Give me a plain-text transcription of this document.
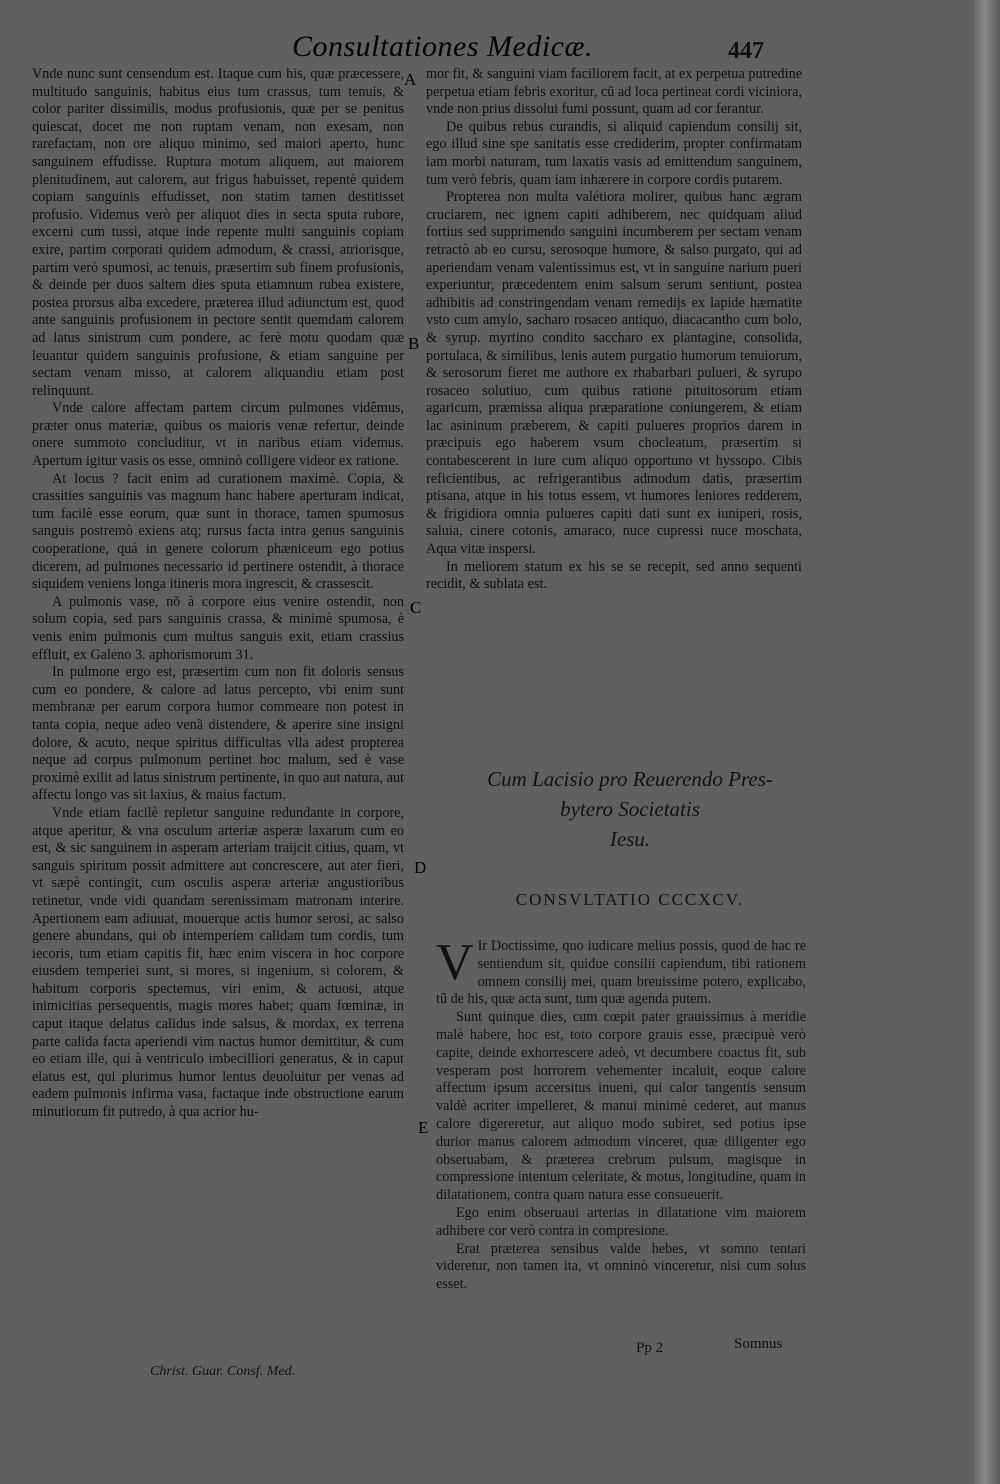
Consultationes Medicæ.	447

Vnde nunc sunt censendum est. Itaque cum his, quæ præcessere, multitudo sanguinis, habitus eius tum crassus, tum tenuis, & color pariter dissimilis, modus profusionis, quæ per se penitus quiescat, docet me non ruptam venam, non exesam, non rarefactam, non ore aliquo minimo, sed maiori aperto, hunc sanguinem effudisse. Ruptura motum aliquem, aut maiorem plenitudinem, aut calorem, aut frigus habuisset, repentè quidem copiam sanguinis effudisset, non statim tamen destitisset profusio. Videmus verò per aliquot dies in secta sputa rubore, excerni cum tussi, atque inde repente multi sanguinis copiam exire, partim corporati quidem admodum, & crassi, atriorisque, partim verò spumosi, ac tenuis, præsertim sub finem profusionis, & deinde per duos saltem dies sputa etiamnum rubea existere, postea prorsus alba excedere, præterea illud adiunctum est, quod ante sanguinis profusionem in pectore sentit quemdam calorem ad latus sinistrum cum pondere, ac ferè motu quodam quæ leuantur quidem sanguinis profusione, & etiam sanguine per sectam venam misso, at calorem aliquandiu etiam post relinquunt.

Vnde calore affectam partem circum pulmones vidêmus, præter onus materiæ, quibus os maioris venæ refertur, deinde onere summoto concluditur, vt in naribus etiam videmus. Apertum igitur vasis os esse, omninò colligere videor ex ratione.

At locus ? facit enim ad curationem maximè. Copia, & crassities sanguinis vas magnum hanc habere aperturam indicat, tum facilè esse eorum, quæ sunt in thorace, tamen spumosus sanguis postremò exiens atq; rursus facta intra genus sanguinis cooperatione, quá in genere colorum phæniceum ego potius dicerem, ad pulmones necessario id pertinere ostendit, à thorace siquidem veniens longa itineris mora ingrescit, & crassescit.

A pulmonis vase, nõ à corpore eius venire ostendit, non solum copia, sed pars sanguinis crassa, & minimè spumosa, è venis enim pulmonis cum multus sanguis exit, etiam crassius effluit, ex Galeno 3. aphorismorum 31.

In pulmone ergo est, præsertim cum non fit doloris sensus cum eo pondere, & calore ad latus percepto, vbi enim sunt membranæ per earum corpora humor commeare non potest in tanta copia, neque adeo venã distendere, & aperire sine insigni dolore, & acuto, neque spiritus difficultas vlla adest propterea neque ad corpus pulmonum pertinet hoc malum, sed è vase proximè exilit ad latus sinistrum pertinente, in quo aut natura, aut affectu longo vas sit laxius, & maius factum.

Vnde etiam facilè repletur sanguine redundante in corpore, atque aperitur, & vna osculum arteriæ asperæ laxarum cum eo est, & sic sanguinem in asperam arteriam traijcit citius, quam, vt sanguis spiritum possit admittere aut concrescere, aut ater fieri, vt sæpè contingit, cum osculis asperæ arteriæ angustioribus retinetur, vnde vidi quandam serenissimam matronam interire. Apertionem eam adiuuat, mouerque actis humor serosi, ac salso genere abundans, qui ob intemperiem calidam tum cordis, tum iecoris, tum etiam capitis fit, hæc enim viscera in hoc corpore eiusdem temperiei sunt, si mores, si ingenium, si colorem, & habitum corporis spectemus, viri enim, & actuosi, atque inimicitias persequentis, magis mores habet; quam fœminæ, in caput itaque delatus calidus inde salsus, & mordax, ex terrena parte calida facta aperiendi vim nactus humor demittitur, & cum eo etiam ille, qui à ventriculo imbecilliori generatus, & in caput elatus est, qui plurimus humor lentus deuoluitur per venas ad eadem pulmonis infirma vasa, factaque inde obstructione earum minutiorum fit putredo, à qua acrior hu-

A
B
C
D
E

mor fit, & sanguini viam faciliorem facit, at ex perpetua putredine perpetua etiam febris exoritur, cũ ad loca pertineat cordi viciniora, vnde non prius dissolui fumi possunt, quam ad cor ferantur.

De quibus rebus curandis, si aliquid capiendum consilij sit, ego illud sine spe sanitatis esse crediderim, propter confirmatam iam morbi naturam, tum laxatis vasis ad emittendum sanguinem, tum verò febris, quam iam inhærere in corpore cordis putarem.

Propterea non multa valétiora molirer, quibus hanc ægram cruciarem, nec ignem capiti adhiberem, nec quidquam aliud fortius sed supprimendo sanguini incumberem per sectam venam retractò ab eo cursu, serosoque humore, & salso purgato, qui ad aperiendam venam valentissimus est, vt in sanguine narium pueri experiuntur, præcedentem enim salsum serum sentiunt, postea adhibitis ad constringendam venam remedijs ex lapide hæmatite vsto cum amylo, sacharo rosaceo antiquo, diacacantho cum bolo, & syrup. myrtino condito saccharo ex plantagine, consolida, portulaca, & similibus, lenis autem purgatio humorum tenuiorum, & serosorum fieret me authore ex rhabarbari pulueri, & syrupo rosaceo solutiuo, cum quibus ratione pituitosorum etiam agaricum, præmissa aliqua præparatione coniungerem, & etiam lac asininum præberem, & capiti pulueres proprios darem in præcipuis ego haberem vsum chocleatum, præsertim si contabescerent in iure cum aliquo opportuno vt hyssopo. Cibis reficientibus, ac refrigerantibus admodum datis, præsertim ptisana, atque in his totus essem, vt humores leniores redderem, & frigidiora omnia pulueres capiti dati sunt ex iuniperi, rosis, saluia, cinere cotonis, amaraco, nuce cupressi nuce moschata, Aqua vitæ inspersi.

In meliorem statum ex his se se recepit, sed anno sequenti recidit, & sublata est.

Cum Lacisio pro Reuerendo Pres-
bytero Societatis
Iesu.
CONSVLTATIO CCCXCV.

V Ir Doctissime, quo iudicare melius possis, quod de hac re sentiendum sit, quidue consilii capiendum, tibi rationem omnem consilij mei, quam breuissime potero, explicabo, tũ de his, quæ acta sunt, tum quæ agenda putem.

Sunt quinque dies, cum cœpit pater grauissimus à meridie malè habere, hoc est, toto corpore grauis esse, præcipuè verò capite, deinde exhorrescere adeò, vt decumbere coactus fit, sub vesperam post horrorem vehementer incaluit, eoque calore affectum ipsum accersitus inueni, qui calor tangentis sensum valdè acriter impelleret, & manui minimè cederet, aut manus calore digereretur, aut aliquo modo subiret, sed potius ipse durior manus calorem admodum vinceret, quæ diligenter ego obseruabam, & præterea crebrum pulsum, magisque in compressione intentum celeritate, & motus, longitudine, quam in dilatationem, contra quam natura esse consueuerit.

Ego enim obseruaui arterias in dilatatione vim maiorem adhibere cor verò contra in compresione.

Erat præterea sensibus valde hebes, vt somno tentari videretur, non tamen ita, vt omninò vinceretur, nisi cum solus esset.

Christ. Guar. Consf. Med.
Pp 2	Somnus
